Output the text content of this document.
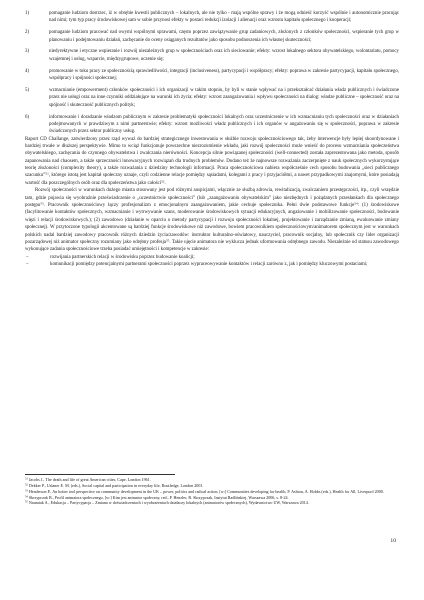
1)	pomaganie ludziom dostrzec, iż w obrębie kwestii publicznych – lokalnych, ale nie tylko - mają wspólne sprawy i że mogą odnieść korzyść wspólnie i autonomicznie pracując nad nimi; tym typ pracy środowiskowej sam w sobie przynosi efekty w postaci redukcji izolacji i alienacji oraz wzrostu kapitału społecznego i kooperacji;
2)	pomaganie ludziom pracować nad owymi wspólnymi sprawami, często poprzez zawiązywanie grup zadaniowych, złożonych z członków społeczności, wspieranie tych grup w planowaniu i podejmowaniu działań, zachęcanie do oceny osiąganych rezultatów jako sposobu podnoszenia ich własnej skuteczności;
3)	niedyrektywne i etyczne wspieranie i rozwój niezależnych grup w społecznościach oraz ich sieciowanie; efekty: wzrost lokalnego sektora obywatelskiego, wolontariatu, pomocy wzajemnej i usług, wsparcie, międzygrupowe, uczenie się;
4)	promowanie w toku pracy ze społecznością sprawiedliwości, integracji (inclusiveness), partycypacji i współpracy; efekty: poprawa w zakresie partycypacji, kapitału społecznego, współpracy i spójności społecznej;
5)	wzmacnianie (empowerment) członków społeczności i ich organizacji w takim stopniu, by byli w stanie wpływać na i przekształcać działania władz publicznych i świadczone przez nie usługi oraz na inne czynniki oddziałujące na warunki ich życia; efekty: wzrost zaangażowania i wpływu społeczności na dialog: władze publiczne – społeczność oraz na spójność i skuteczność publicznych polityk;
6)	informowanie i doradzanie władzom publicznym w zakresie problematyki społeczności lokalnych oraz uczestniczenie w ich wzmacnianiu tych społeczności oraz w działaniach podejmowanych w prawdziwym z nimi partnerstwie; efekty: wzrost możliwości władz publicznych i ich organów w angażowaniu się w społeczności, poprawa w zakresie świadczonych przez sektor publiczny usług.

Raport CD Challange, zatwierdzony przez rząd wyważ do bardziej strategicznego inwestowania w służbie rozwoju społecznościowego tak, żeby interwencje były lepiej skoordynowane i bardziej trwałe w dłuższej perspektywie. Mimo to wciąż funkcjonuje powszechne niezrozumienie wkładu, jaki rozwój społeczności może wnieść do procesu wzmacniania społeczeństwa obywatelskiego, zachęcania do czynnego obywatelstwa i zwalczania nierówności. Koncepcja silnie powiązanej społeczności (well-connected) została zaprezentowana jako metoda, sposób zapanowania nad chaosem, a także sprzeczności innowacyjnych rozwiązań dla trudnych problemów. Dodano też że najnowsze rozważania zaczerpnięte z nauk społecznych wykorzystujące teorię złożoności (complexity theory), a także rozważania z dziedziny technologii informacji. Praca społecznościowa nabiera współcześnie cech sposobu budowania „sieci publicznego szacunku”$^{51}$, którego istotą jest kapitał społeczny uznaje, czyli codzienne relacje pomiędzy sąsiadami, kolegami z pracy i przyjaciółmi, a nawet przypadkowymi znajomymi, które posiadają wartość dla poszczególnych osób oraz dla społeczeństwa jako całości$^{52}$.

Rozwój społeczności w warunkach dużego miasta stosowany jest pod różnymi auspicjami, włącznie ze służbą zdrowia, rewitalizacją, zwalczaniem przestępczości, itp., czyli wszędzie tam, gdzie pojawia się wyobraźnie przeświadczenie o „uczestnictwie społeczności” (lub „zaangażowaniu obywatelskim” jako niezbędnych i pożądanych przesłankach dla społecznego postępu$^{53}$. Pracownik społecznościowy łączy profesjonalizm z emocjonalnym zaangażowaniem, jakie cechuje społecznika. Pełni dwie podstawowe funkcje$^{54}$: (1) środowiskowe (facylitowanie kontaktów społecznych, wzmacnianie i wytrwywanie szans, moderowanie środowiskowych sytuacji edukacyjnych, angażowanie i mobilizowanie społeczności, budowanie więzi i relacji środowiskowych.); (2) zawodowo (działanie w oparciu o metody partycypacji i rozwoju społeczności lokalnej, projektowanie i zarządzanie zmianą, ewaluowanie zmiany społecznej). W przytoczone typologii akcentowane są bardziej funkcje środowiskowe niż zawodowe, bowiem pracownikiem społecznościowym/animatorem społecznym jest w warunkach polskich nadal bardziej zawodowy pracownik różnych dziedzin życia/zawodów: instruktor kulturalno-oświatowy, nauczyciel, pracownik socjalny, lub społecznik czy lider organizacji pozarządowej niż animator społeczny rozumiany jako odrębny profesja$^{55}$. Takie ujęcie animatora nie wyklucza jednak uformowania odrębnego zawodu. Niezależnie od statusu zawodowego wykonujące zadania społecznościowe trzeba posiadać umiejętności i kompetencje w zakresie:

–	rozwijania partnerskich relacji w środowisku poprzez budowanie koalicji;
–	komunikacji pomiędzy potencjalnymi partnerami społeczności poprzez wypraceowywanie kontaktów i relacji zarówno z, jak i pomiędzy kluczowymi postaciami;

$^{51}$ Jacobs J., The death and life of great American cities, Cape, London 1961.

$^{52}$ Dekker P., Uslaner E. M. (eds.), Social capital and participation in everyday life, Routledge, London 2001.

$^{53}$ Henderson P., An hotter tool perspective on community development in the UK – power, politics and radical action, [w:] Communities developing for health, P. Ashton, A. Hobbs (eds.), Health for All, Liverpool 2000.

$^{54}$ Skrzypczak B., Profil animatora społecznego, [w:] Kim jest animator społeczny, red., P. Henzler, B. Skrzypczak, Instytut Radlińskiej, Warszawa 2006, s. 8-24.

$^{55}$ Naumiak A., Edukacja – Partycypacja – Zmiana w doświadczeniach i wyobrażeniach działaczy lokalnych (animatorów społecznych), Wydawnictwo UW, Warszawa 2014.

10
